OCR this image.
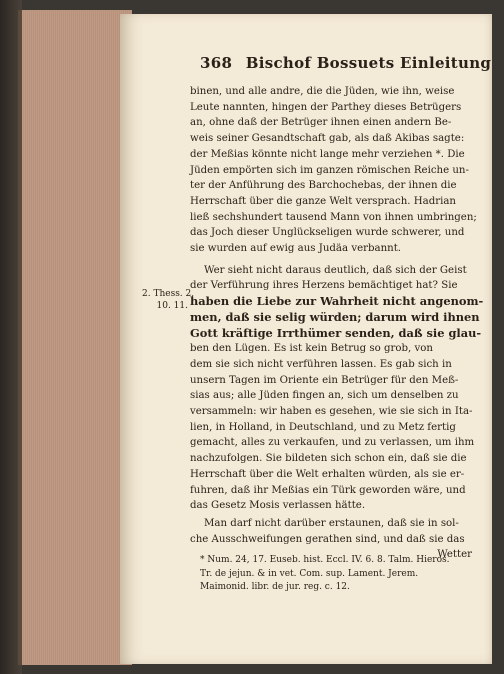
368 Bischof Bossuets Einleitung
2. Thess. 2,
10. 11.
binen, und alle andre, die die Jüden, wie ihn, weise
Leute nannten, hingen der Parthey dieses Betrügers
an, ohne daß der Betrüger ihnen einen andern Be-
weis seiner Gesandtschaft gab, als daß Akibas sagte:
der Meßias könnte nicht lange mehr verziehen *. Die
Jüden empörten sich im ganzen römischen Reiche un-
ter der Anführung des Barchochebas, der ihnen die
Herrschaft über die ganze Welt versprach. Hadrian
ließ sechshundert tausend Mann von ihnen umbringen;
das Joch dieser Unglückseligen wurde schwerer, und
sie wurden auf ewig aus Judäa verbannt.
Wer sieht nicht daraus deutlich, daß sich der Geist
der Verführung ihres Herzens bemächtiget hat? Sie
haben die Liebe zur Wahrheit nicht angenom-
men, daß sie selig würden; darum wird ihnen
Gott kräftige Irrthümer senden, daß sie glau-
ben den Lügen. Es ist kein Betrug so grob, von
dem sie sich nicht verführen lassen. Es gab sich in
unsern Tagen im Oriente ein Betrüger für den Meß-
sias aus; alle Jüden fingen an, sich um denselben zu
versammeln: wir haben es gesehen, wie sie sich in Ita-
lien, in Holland, in Deutschland, und zu Metz fertig
gemacht, alles zu verkaufen, und zu verlassen, um ihm
nachzufolgen. Sie bildeten sich schon ein, daß sie die
Herrschaft über die Welt erhalten würden, als sie er-
fuhren, daß ihr Meßias ein Türk geworden wäre, und
das Gesetz Mosis verlassen hätte.
Man darf nicht darüber erstaunen, daß sie in sol-
che Ausschweifungen gerathen sind, und daß sie das
Wetter
* Num. 24, 17. Euseb. hist. Eccl. IV. 6. 8. Talm. Hieros.
Tr. de jejun. & in vet. Com. sup. Lament. Jerem.
Maimonid. libr. de jur. reg. c. 12.
